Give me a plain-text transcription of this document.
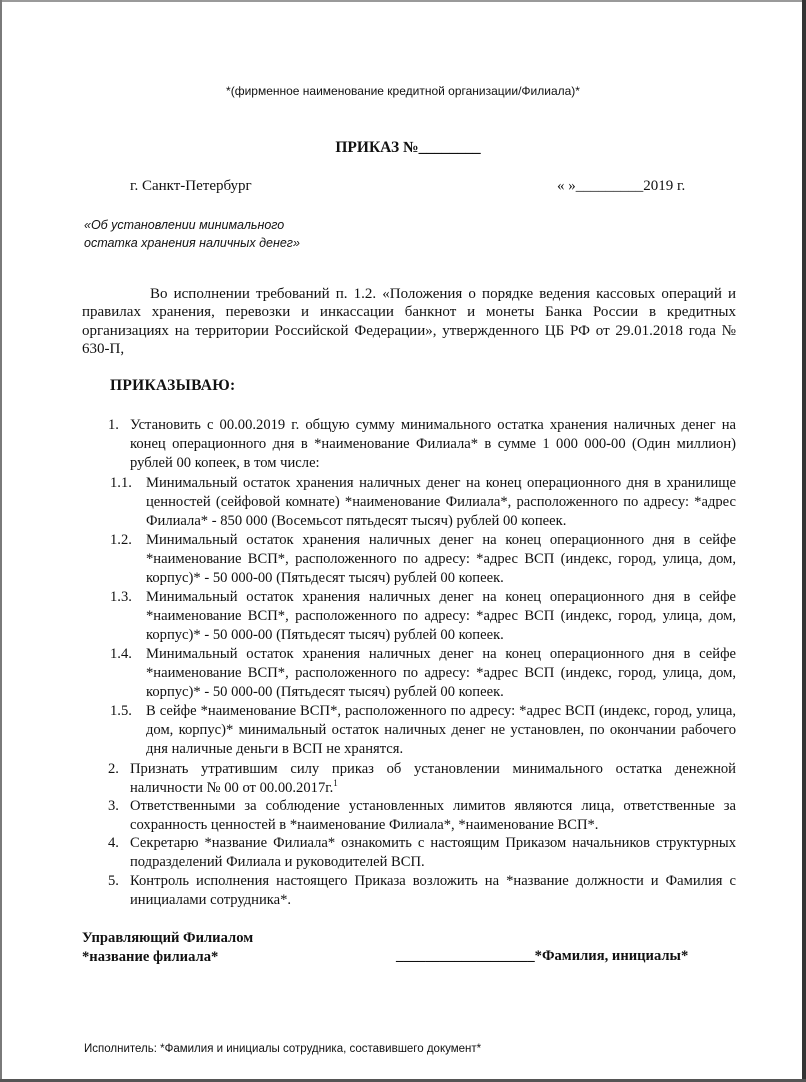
*(фирменное наименование кредитной организации/Филиала)*
ПРИКАЗ №________
г. Санкт-Петербург	« »_________2019 г.
«Об установлении минимального
остатка хранения наличных денег»
Во исполнении требований п. 1.2. «Положения о порядке ведения кассовых операций и правилах хранения, перевозки и инкассации банкнот и монеты Банка России в кредитных организациях на территории Российской Федерации», утвержденного ЦБ РФ от 29.01.2018 года № 630-П,
ПРИКАЗЫВАЮ:
1. Установить с 00.00.2019 г. общую сумму минимального остатка хранения наличных денег на конец операционного дня в *наименование Филиала* в сумме 1 000 000-00 (Один миллион) рублей 00 копеек, в том числе:
1.1. Минимальный остаток хранения наличных денег на конец операционного дня в хранилище ценностей (сейфовой комнате) *наименование Филиала*, расположенного по адресу: *адрес Филиала* - 850 000 (Восемьсот пятьдесят тысяч) рублей 00 копеек.
1.2. Минимальный остаток хранения наличных денег на конец операционного дня в сейфе *наименование ВСП*, расположенного по адресу: *адрес ВСП (индекс, город, улица, дом, корпус)* - 50 000-00 (Пятьдесят тысяч) рублей 00 копеек.
1.3. Минимальный остаток хранения наличных денег на конец операционного дня в сейфе *наименование ВСП*, расположенного по адресу: *адрес ВСП (индекс, город, улица, дом, корпус)* - 50 000-00 (Пятьдесят тысяч) рублей 00 копеек.
1.4. Минимальный остаток хранения наличных денег на конец операционного дня в сейфе *наименование ВСП*, расположенного по адресу: *адрес ВСП (индекс, город, улица, дом, корпус)* - 50 000-00 (Пятьдесят тысяч) рублей 00 копеек.
1.5. В сейфе *наименование ВСП*, расположенного по адресу: *адрес ВСП (индекс, город, улица, дом, корпус)* минимальный остаток наличных денег не установлен, по окончании рабочего дня наличные деньги в ВСП не хранятся.
2. Признать утратившим силу приказ об установлении минимального остатка денежной наличности № 00 от 00.00.2017г.$^1$
3. Ответственными за соблюдение установленных лимитов являются лица, ответственные за сохранность ценностей в *наименование Филиала*, *наименование ВСП*.
4. Секретарю *название Филиала* ознакомить с настоящим Приказом начальников структурных подразделений Филиала и руководителей ВСП.
5. Контроль исполнения настоящего Приказа возложить на *название должности и Фамилия с инициалами сотрудника*.
Управляющий Филиалом
*название филиала*	___________________*Фамилия, инициалы*
Исполнитель: *Фамилия и инициалы сотрудника, составившего документ*
